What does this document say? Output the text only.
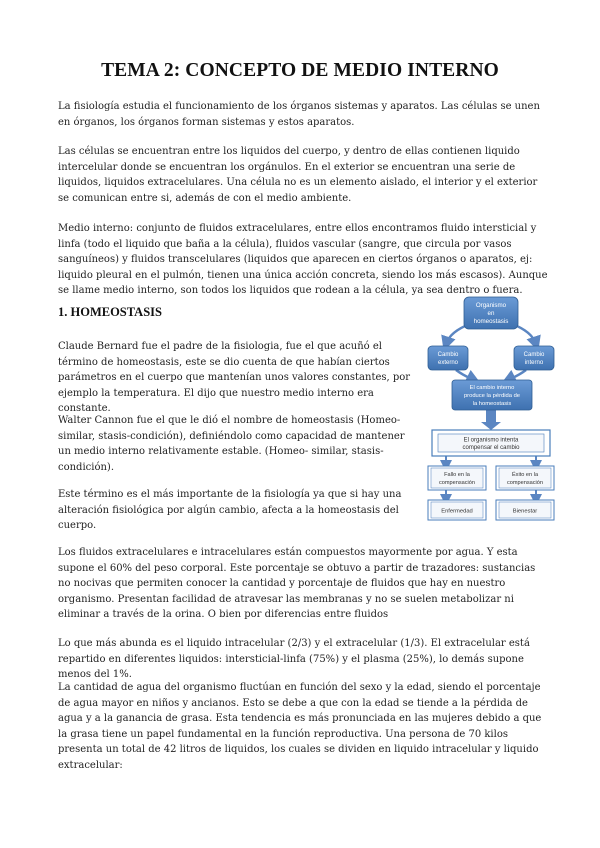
TEMA 2: CONCEPTO DE MEDIO INTERNO

La fisiología estudia el funcionamiento de los órganos sistemas y aparatos. Las células se unen en órganos, los órganos forman sistemas y estos aparatos.

Las células se encuentran entre los liquidos del cuerpo, y dentro de ellas contienen liquido intercelular donde se encuentran los orgánulos. En el exterior se encuentran una serie de liquidos, liquidos extracelulares. Una célula no es un elemento aislado, el interior y el exterior se comunican entre si, además de con el medio ambiente.

Medio interno: conjunto de fluidos extracelulares, entre ellos encontramos fluido intersticial y linfa (todo el liquido que baña a la célula), fluidos vascular (sangre, que circula por vasos sanguíneos) y fluidos transcelulares (liquidos que aparecen en ciertos órganos o aparatos, ej: liquido pleural en el pulmón, tienen una única acción concreta, siendo los más escasos). Aunque se llame medio interno, son todos los liquidos que rodean a la célula, ya sea dentro o fuera.

1. HOMEOSTASIS

Claude Bernard fue el padre de la fisiologia, fue el que acuñó el término de homeostasis, este se dio cuenta de que habían ciertos parámetros en el cuerpo que mantenían unos valores constantes, por ejemplo la temperatura. El dijo que nuestro medio interno era constante.

Walter Cannon fue el que le dió el nombre de homeostasis (Homeo- similar, stasis-condición), definiéndolo como capacidad de mantener un medio interno relativamente estable. (Homeo- similar, stasis-condición).

Este término es el más importante de la fisiología ya que si hay una alteración fisiológica por algún cambio, afecta a la homeostasis del cuerpo.

Organismo
en
homeostasis
Cambio
externo
Cambio
interno
El cambio interno
produce la pérdida de
la homeostasis
El organismo intenta
compensar el cambio
Fallo en la
compensación
Éxito en la
compensación
Enfermedad	Bienestar

Los fluidos extracelulares e intracelulares están compuestos mayormente por agua. Y esta supone el 60% del peso corporal. Este porcentaje se obtuvo a partir de trazadores: sustancias no nocivas que permiten conocer la cantidad y porcentaje de fluidos que hay en nuestro organismo. Presentan facilidad de atravesar las membranas y no se suelen metabolizar ni eliminar a través de la orina. O bien por diferencias entre fluidos

Lo que más abunda es el liquido intracelular (2/3) y el extracelular (1/3). El extracelular está repartido en diferentes liquidos: intersticial-linfa (75%) y el plasma (25%), lo demás supone menos del 1%.

La cantidad de agua del organismo fluctúan en función del sexo y la edad, siendo el porcentaje de agua mayor en niños y ancianos. Esto se debe a que con la edad se tiende a la pérdida de agua y a la ganancia de grasa. Esta tendencia es más pronunciada en las mujeres debido a que la grasa tiene un papel fundamental en la función reproductiva. Una persona de 70 kilos presenta un total de 42 litros de liquidos, los cuales se dividen en liquido intracelular y liquido extracelular:
